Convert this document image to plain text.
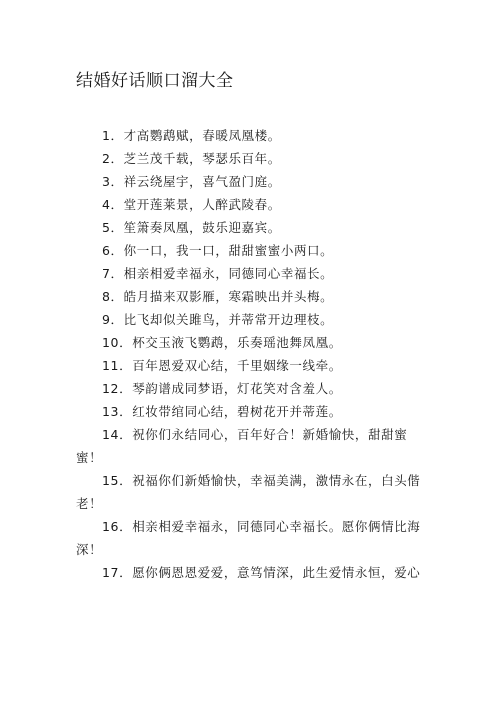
结婚好话顺口溜大全
1．才高鹦鹉赋，春暖凤凰楼。
2．芝兰茂千载，琴瑟乐百年。
3．祥云绕屋宇，喜气盈门庭。
4．堂开莲莱景，人醉武陵春。
5．笙箫奏凤凰，鼓乐迎嘉宾。
6．你一口，我一口，甜甜蜜蜜小两口。
7．相亲相爱幸福永，同德同心幸福长。
8．皓月描来双影雁，寒霜映出并头梅。
9．比飞却似关雎鸟，并蒂常开边理枝。
10．杯交玉液飞鹦鹉，乐奏瑶池舞凤凰。
11．百年恩爱双心结，千里姻缘一线牵。
12．琴韵谱成同梦语，灯花笑对含羞人。
13．红妆带绾同心结，碧树花开并蒂莲。
14．祝你们永结同心，百年好合！新婚愉快，甜甜蜜蜜！
15．祝福你们新婚愉快，幸福美满，激情永在，白头偕老！
16．相亲相爱幸福永，同德同心幸福长。愿你俩情比海深！
17．愿你俩恩恩爱爱，意笃情深，此生爱情永恒，爱心
